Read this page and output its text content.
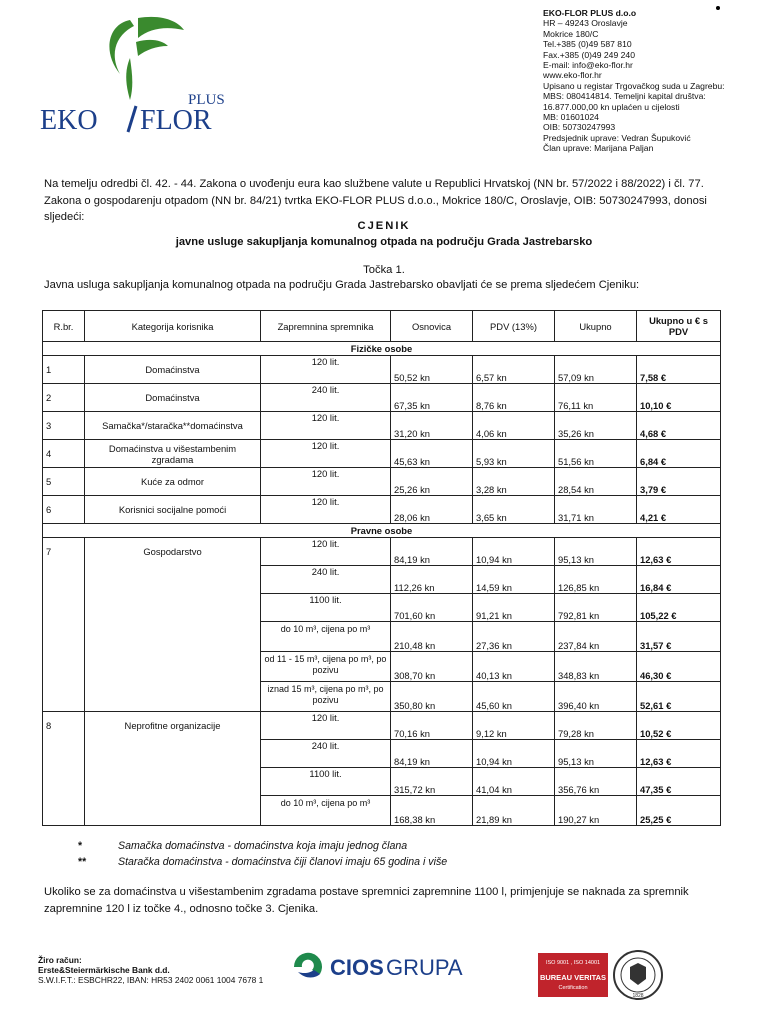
PLUS
EKO FLOR
EKO-FLOR PLUS d.o.o
HR – 49243 Oroslavje
Mokrice 180/C
Tel.+385 (0)49 587 810
Fax.+385 (0)49 249 240
E-mail: info@eko-flor.hr
www.eko-flor.hr
Upisano u registar Trgovačkog suda u Zagrebu:
MBS: 080414814. Temeljni kapital društva:
16.877.000,00 kn uplaćen u cijelosti
MB: 01601024
OIB: 50730247993
Predsjednik uprave: Vedran Šupuković
Član uprave: Marijana Paljan
Na temelju odredbi čl. 42. - 44. Zakona o uvođenju eura kao službene valute u Republici Hrvatskoj (NN br. 57/2022 i 88/2022) i čl. 77. Zakona o gospodarenju otpadom (NN br. 84/21) tvrtka EKO-FLOR PLUS d.o.o., Mokrice 180/C, Oroslavje, OIB: 50730247993, donosi sljedeći:
CJENIK
javne usluge sakupljanja komunalnog otpada na području Grada Jastrebarsko
Točka 1.
Javna usluga sakupljanja komunalnog otpada na području Grada Jastrebarsko obavljati će se prema sljedećem Cjeniku:
R.br.	Kategorija korisnika	Zapremnina spremnika	Osnovica	PDV (13%)	Ukupno	Ukupno u € s PDV
Fizičke osobe						
1	Domaćinstva	120 lit.	50,52 kn	6,57 kn	57,09 kn	7,58 €
2	Domaćinstva	240 lit.	67,35 kn	8,76 kn	76,11 kn	10,10 €
3	Samačka*/staračka**domaćinstva	120 lit.	31,20 kn	4,06 kn	35,26 kn	4,68 €
4	Domaćinstva u višestambenim zgradama	120 lit.	45,63 kn	5,93 kn	51,56 kn	6,84 €
5	Kuće za odmor	120 lit.	25,26 kn	3,28 kn	28,54 kn	3,79 €
6	Korisnici socijalne pomoći	120 lit.	28,06 kn	3,65 kn	31,71 kn	4,21 €
Pravne osobe						
7	Gospodarstvo	120 lit.	84,19 kn	10,94 kn	95,13 kn	12,63 €
		240 lit.	112,26 kn	14,59 kn	126,85 kn	16,84 €
		1100 lit.	701,60 kn	91,21 kn	792,81 kn	105,22 €
		do 10 m³, cijena po m³	210,48 kn	27,36 kn	237,84 kn	31,57 €
		od 11 - 15 m³, cijena po m³, po pozivu	308,70 kn	40,13 kn	348,83 kn	46,30 €
		iznad 15 m³, cijena po m³, po pozivu	350,80 kn	45,60 kn	396,40 kn	52,61 €
8	Neprofitne organizacije	120 lit.	70,16 kn	9,12 kn	79,28 kn	10,52 €
		240 lit.	84,19 kn	10,94 kn	95,13 kn	12,63 €
		1100 lit.	315,72 kn	41,04 kn	356,76 kn	47,35 €
		do 10 m³, cijena po m³	168,38 kn	21,89 kn	190,27 kn	25,25 €
*	Samačka domaćinstva - domaćinstva koja imaju jednog člana
**	Staračka domaćinstva - domaćinstva čiji članovi imaju 65 godina i više
Ukoliko se za domaćinstva u višestambenim zgradama postave spremnici zapremnine 1100 l, primjenjuje se naknada za spremnik zapremnine 120 l iz točke 4., odnosno točke 3. Cjenika.
Žiro račun:
Erste&Steiermärkische Bank d.d.
S.W.I.F.T.: ESBCHR22, IBAN: HR53 2402 0061 1004 7678 1	CIOS GRUPA	ISO 9001 , ISO 14001
BUREAU VERITAS
Certification
1828
